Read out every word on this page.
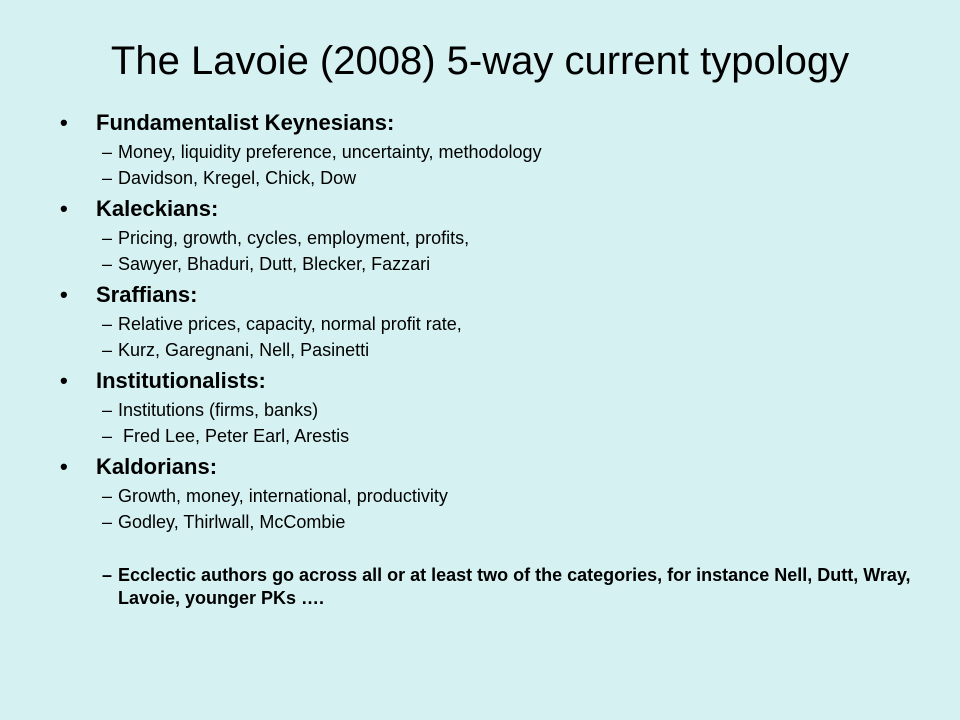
The Lavoie (2008) 5-way current typology
• Fundamentalist Keynesians:
– Money, liquidity preference, uncertainty, methodology
– Davidson, Kregel, Chick, Dow
• Kaleckians:
– Pricing, growth, cycles, employment, profits,
– Sawyer, Bhaduri, Dutt, Blecker, Fazzari
• Sraffians:
– Relative prices, capacity, normal profit rate,
– Kurz, Garegnani, Nell, Pasinetti
• Institutionalists:
– Institutions (firms, banks)
– Fred Lee, Peter Earl, Arestis
• Kaldorians:
– Growth, money, international, productivity
– Godley, Thirlwall, McCombie
– Ecclectic authors go across all or at least two of the categories, for instance Nell, Dutt, Wray, Lavoie, younger PKs ….
